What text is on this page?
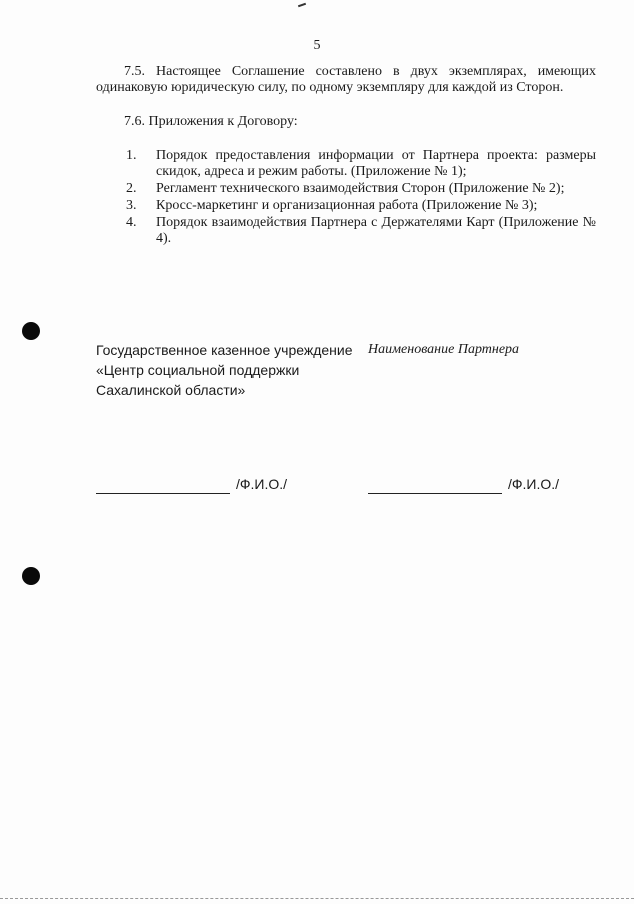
5
7.5. Настоящее Соглашение составлено в двух экземплярах, имеющих одинаковую юридическую силу, по одному экземпляру для каждой из Сторон.
7.6. Приложения к Договору:
1.	Порядок предоставления информации от Партнера проекта: размеры скидок, адреса и режим работы. (Приложение № 1);
2.	Регламент технического взаимодействия Сторон (Приложение № 2);
3.	Кросс-маркетинг и организационная работа (Приложение № 3);
4.	Порядок взаимодействия Партнера с Держателями Карт (Приложение № 4).
Государственное казенное учреждение
«Центр социальной поддержки
Сахалинской области»
Наименование Партнера
/Ф.И.О./	/Ф.И.О./
